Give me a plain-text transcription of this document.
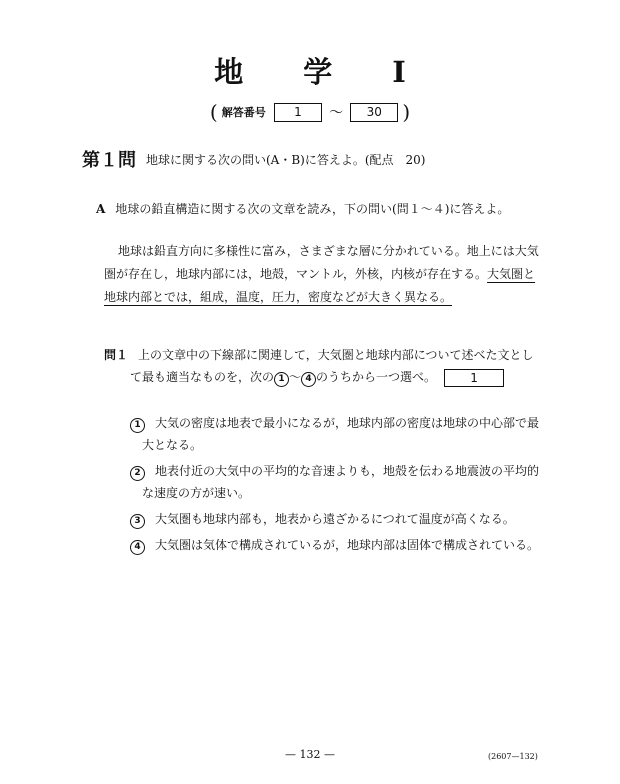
地 学 I
( 解答番号 1 〜 30 )
第１問 地球に関する次の問い(A・B)に答えよ。(配点　20)
A 地球の鉛直構造に関する次の文章を読み，下の問い(問１〜４)に答えよ。

地球は鉛直方向に多様性に富み，さまざまな層に分かれている。地上には大気

圏が存在し，地球内部には，地殻，マントル，外核，内核が存在する。大気圏と

地球内部とでは，組成，温度，圧力，密度などが大きく異なる。

問１ 上の文章中の下線部に関連して，大気圏と地球内部について述べた文とし

て最も適当なものを，次の 1 〜 4 のうちから一つ選べ。	1

1 大気の密度は地表で最小になるが，地球内部の密度は地球の中心部で最

大となる。

2 地表付近の大気中の平均的な音速よりも，地殻を伝わる地震波の平均的

な速度の方が速い。

3 大気圏も地球内部も，地表から遠ざかるにつれて温度が高くなる。

4 大気圏は気体で構成されているが，地球内部は固体で構成されている。

— 132 —	(2607—132)
